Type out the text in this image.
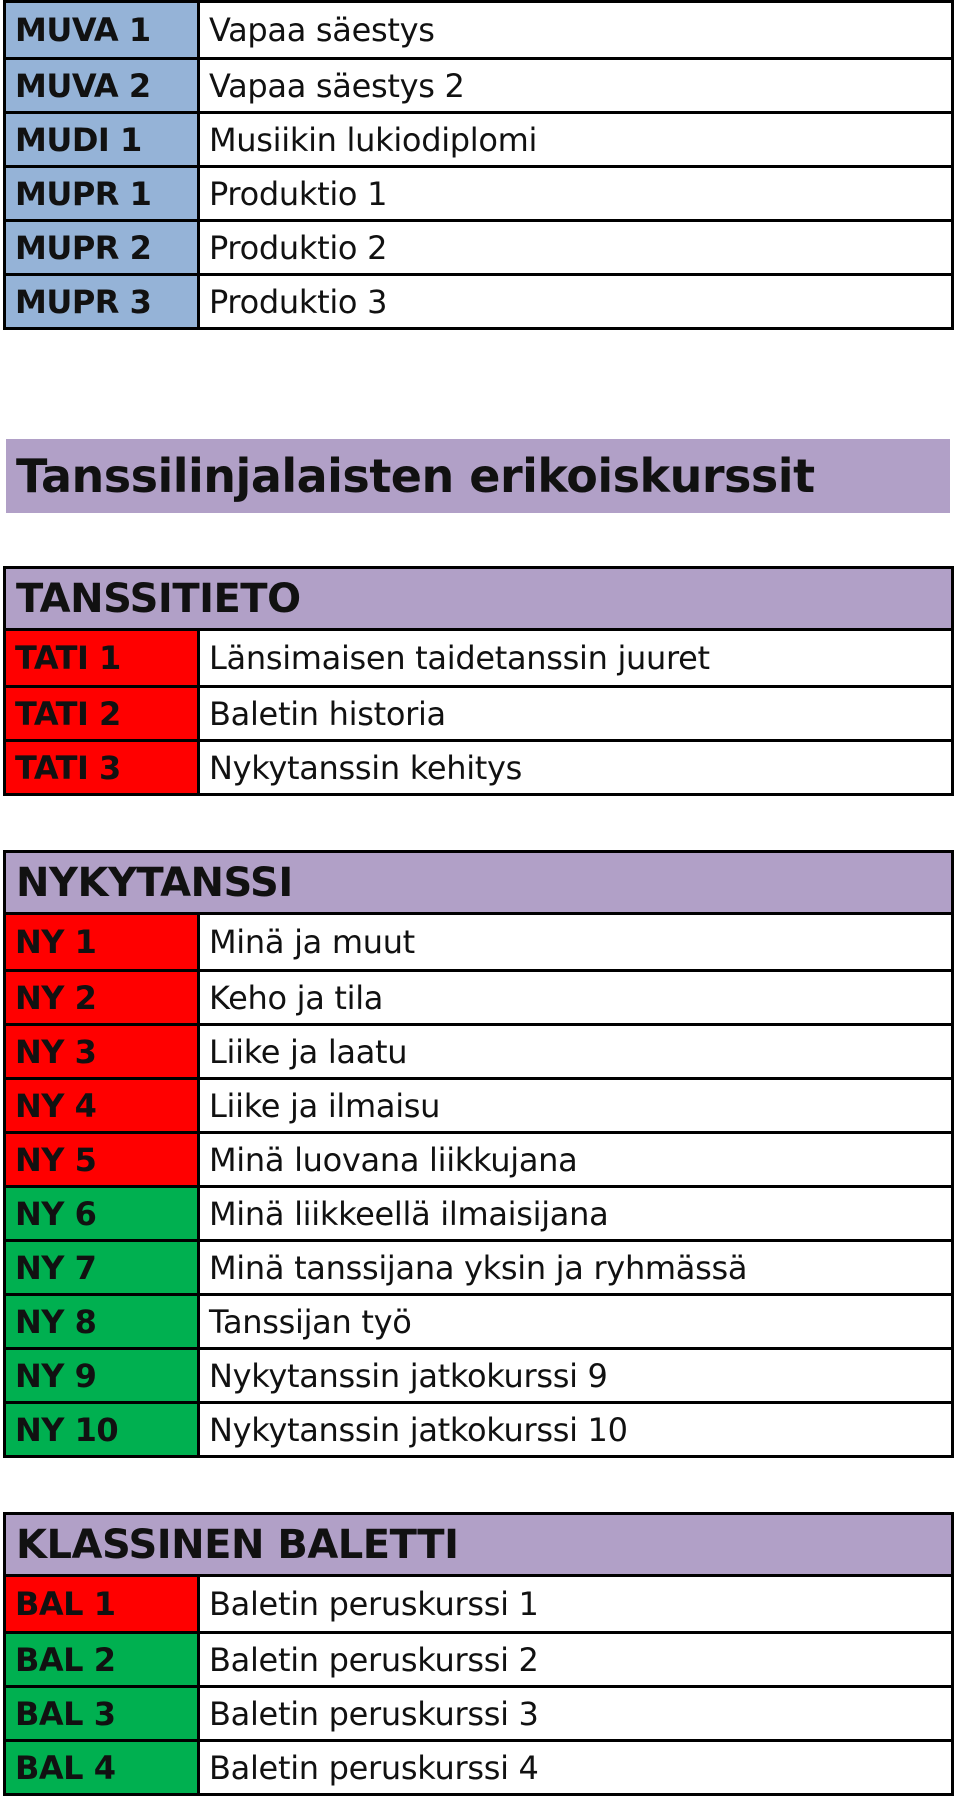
MUVA 1	Vapaa säestys
MUVA 2	Vapaa säestys 2
MUDI 1	Musiikin lukiodiplomi
MUPR 1	Produktio 1
MUPR 2	Produktio 2
MUPR 3	Produktio 3
Tanssilinjalaisten erikoiskurssit
TANSSITIETO
TATI 1	Länsimaisen taidetanssin juuret
TATI 2	Baletin historia
TATI 3	Nykytanssin kehitys
NYKYTANSSI
NY 1	Minä ja muut
NY 2	Keho ja tila
NY 3	Liike ja laatu
NY 4	Liike ja ilmaisu
NY 5	Minä luovana liikkujana
NY 6	Minä liikkeellä ilmaisijana
NY 7	Minä tanssijana yksin ja ryhmässä
NY 8	Tanssijan työ
NY 9	Nykytanssin jatkokurssi 9
NY 10	Nykytanssin jatkokurssi 10
KLASSINEN BALETTI
BAL 1	Baletin peruskurssi 1
BAL 2	Baletin peruskurssi 2
BAL 3	Baletin peruskurssi 3
BAL 4	Baletin peruskurssi 4
